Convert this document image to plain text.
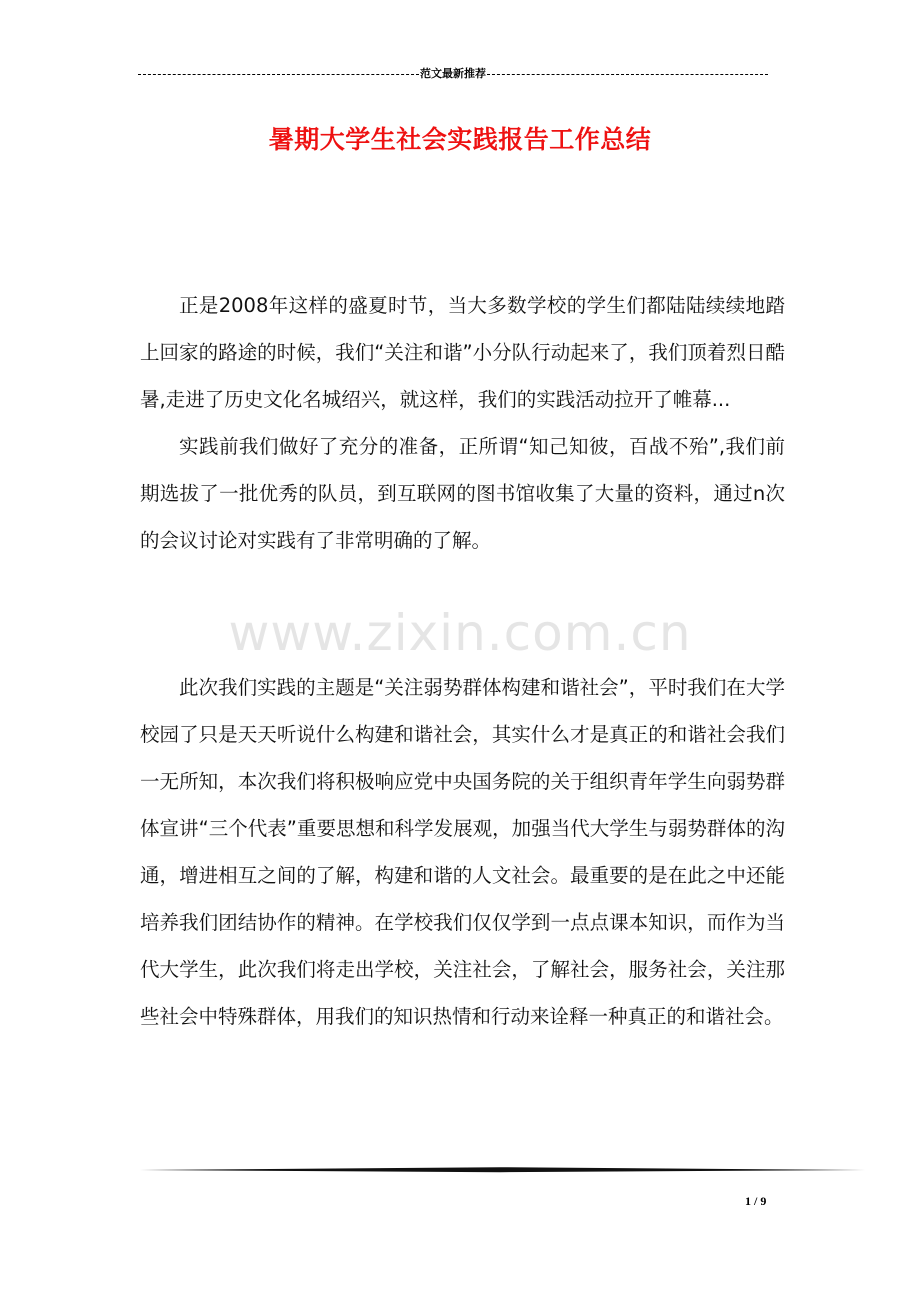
范文最新推荐
暑期大学生社会实践报告工作总结

正是2008年这样的盛夏时节，当大多数学校的学生们都陆陆续续地踏上回家的路途的时候，我们“关注和谐”小分队行动起来了，我们顶着烈日酷暑,走进了历史文化名城绍兴，就这样，我们的实践活动拉开了帷幕...

实践前我们做好了充分的准备，正所谓“知己知彼，百战不殆”,我们前期选拔了一批优秀的队员，到互联网的图书馆收集了大量的资料，通过n次的会议讨论对实践有了非常明确的了解。

www.zixin.com.cn

此次我们实践的主题是“关注弱势群体构建和谐社会”，平时我们在大学校园了只是天天听说什么构建和谐社会，其实什么才是真正的和谐社会我们一无所知，本次我们将积极响应党中央国务院的关于组织青年学生向弱势群体宣讲“三个代表”重要思想和科学发展观，加强当代大学生与弱势群体的沟通，增进相互之间的了解，构建和谐的人文社会。最重要的是在此之中还能培养我们团结协作的精神。在学校我们仅仅学到一点点课本知识，而作为当代大学生，此次我们将走出学校，关注社会，了解社会，服务社会，关注那些社会中特殊群体，用我们的知识热情和行动来诠释一种真正的和谐社会。

1 / 9
